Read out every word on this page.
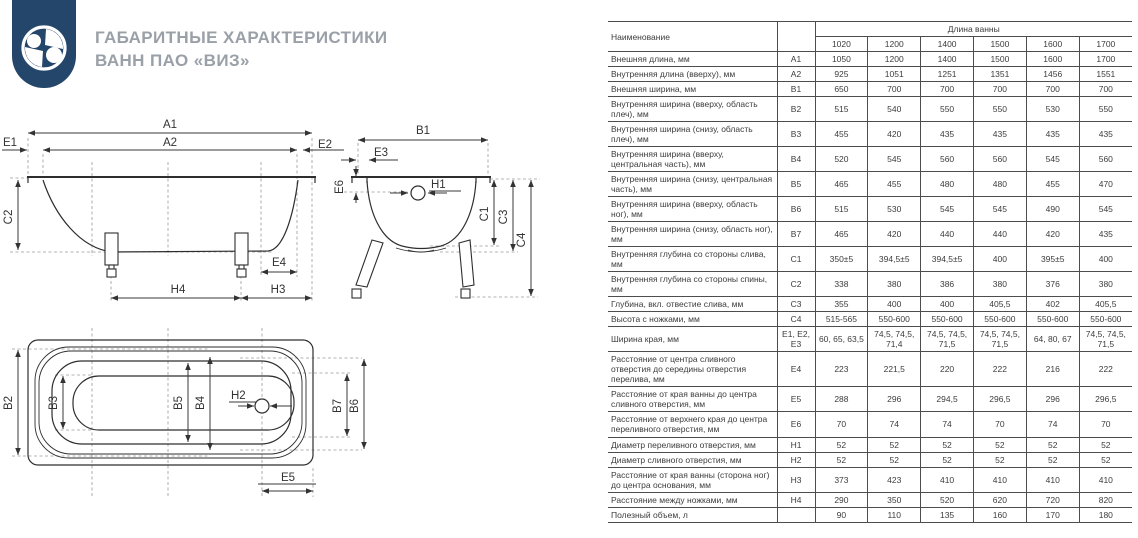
ГАБАРИТНЫЕ ХАРАКТЕРИСТИКИ
ВАНН ПАО «ВИЗ»
A1
A2
E1	E2
C2
E4
H4	H3
B1
E3
E6	H1
C1 C3
C4
B2	B3	B5 B4 H2
B7 B6
E5
Наименование		Длина ванны					
		1020	1200	1400	1500	1600	1700
Внешняя длина, мм	A1	1050	1200	1400	1500	1600	1700
Внутренняя длина (вверху), мм	A2	925	1051	1251	1351	1456	1551
Внешняя ширина, мм	B1	650	700	700	700	700	700
Внутренняя ширина (вверху, область плеч), мм	B2	515	540	550	550	530	550
Внутренняя ширина (снизу, область плеч), мм	B3	455	420	435	435	435	435
Внутренняя ширина (вверху, центральная часть), мм	B4	520	545	560	560	545	560
Внутренняя ширина (снизу, центральная часть), мм	B5	465	455	480	480	455	470
Внутренняя ширина (вверху, область ног), мм	B6	515	530	545	545	490	545
Внутренняя ширина (снизу, область ног), мм	B7	465	420	440	440	420	435
Внутренняя глубина со стороны слива, мм	C1	350±5	394,5±5	394,5±5	400	395±5	400
Внутренняя глубина со стороны спины, мм	C2	338	380	386	380	376	380
Глубина, вкл. отвестие слива, мм	C3	355	400	400	405,5	402	405,5
Высота с ножками, мм	C4	515-565	550-600	550-600	550-600	550-600	550-600
Ширина края, мм	E1, E2, E3	60, 65, 63,5	74,5, 74,5, 71,4	74,5, 74,5, 71,5	74,5, 74,5, 71,5	64, 80, 67	74,5, 74,5, 71,5
Расстояние от центра сливного отверстия до середины отверстия перелива, мм	E4	223	221,5	220	222	216	222
Расстояние от края ванны до центра сливного отверстия, мм	E5	288	296	294,5	296,5	296	296,5
Расстояние от верхнего края до центра переливного отверстия, мм	E6	70	74	74	70	74	70
Диаметр переливного отверстия, мм	H1	52	52	52	52	52	52
Диаметр сливного отверстия, мм	H2	52	52	52	52	52	52
Расстояние от края ванны (сторона ног) до центра основания, мм	H3	373	423	410	410	410	410
Расстояние между ножками, мм	H4	290	350	520	620	720	820
Полезный объем, л		90	110	135	160	170	180
